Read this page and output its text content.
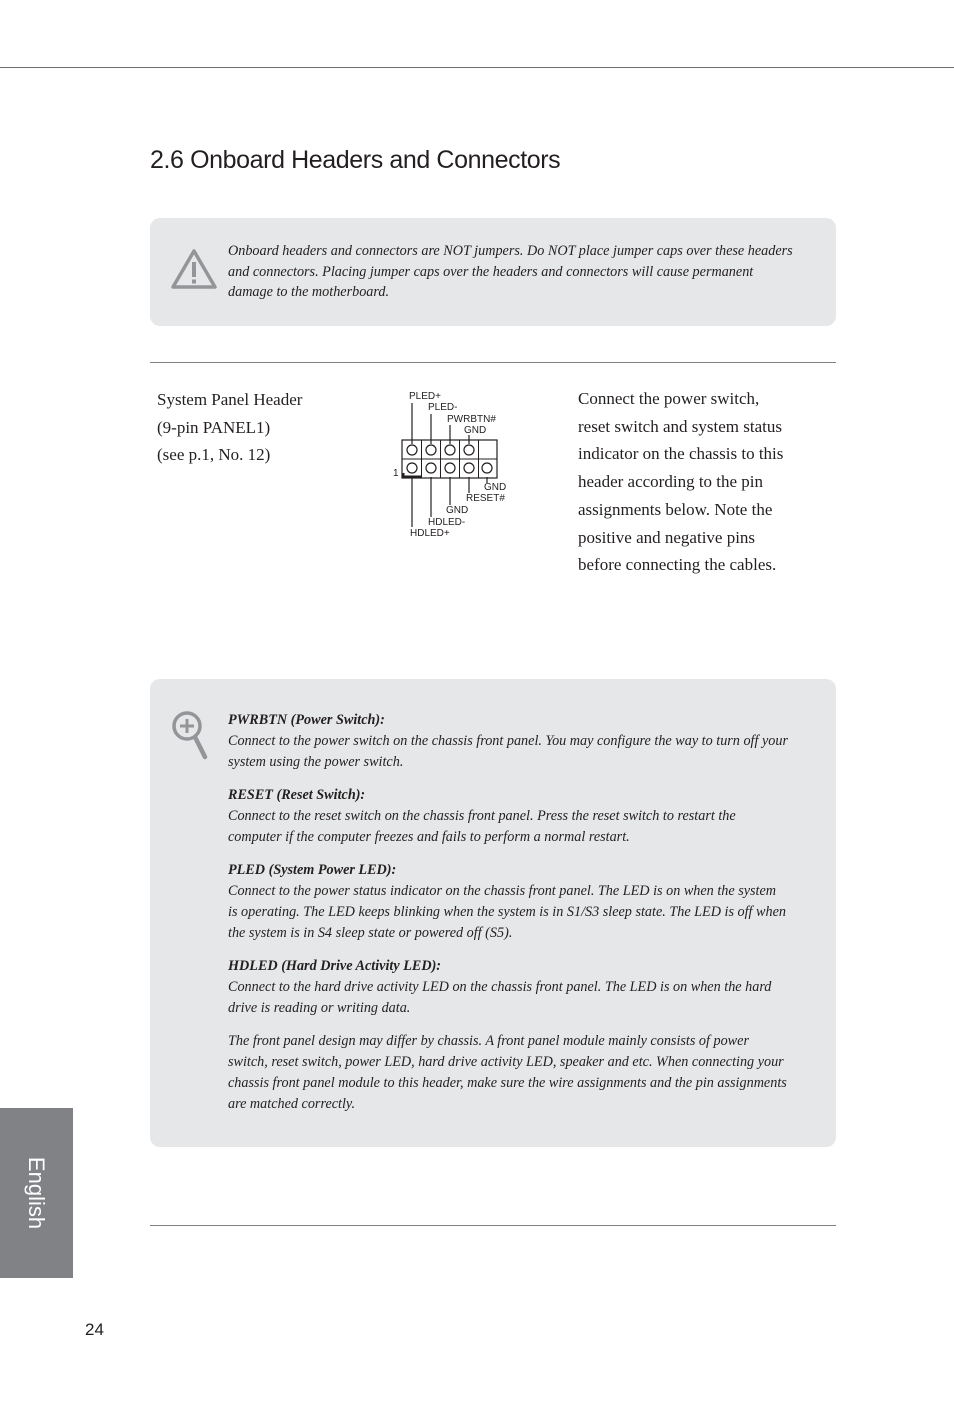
2.6 Onboard Headers and Connectors

Onboard headers and connectors are NOT jumpers. Do NOT place jumper caps over these headers and connectors. Placing jumper caps over the headers and connectors will cause permanent damage to the motherboard.

System Panel Header
(9-pin PANEL1)
(see p.1, No. 12)
PLED+
PLED-
PWRBTN#
GND
1
GND
RESET#
GND
HDLED-
HDLED+

Connect the power switch, reset switch and system status indicator on the chassis to this header according to the pin assignments below. Note the positive and negative pins before connecting the cables.

PWRBTN (Power Switch):

Connect to the power switch on the chassis front panel. You may configure the way to turn off your system using the power switch.

RESET (Reset Switch):

Connect to the reset switch on the chassis front panel. Press the reset switch to restart the computer if the computer freezes and fails to perform a normal restart.

PLED (System Power LED):

Connect to the power status indicator on the chassis front panel. The LED is on when the system is operating. The LED keeps blinking when the system is in S1/S3 sleep state. The LED is off when the system is in S4 sleep state or powered off (S5).

HDLED (Hard Drive Activity LED):

Connect to the hard drive activity LED on the chassis front panel. The LED is on when the hard drive is reading or writing data.

The front panel design may differ by chassis. A front panel module mainly consists of power switch, reset switch, power LED, hard drive activity LED, speaker and etc. When connecting your chassis front panel module to this header, make sure the wire assignments and the pin assignments are matched correctly.

English
24
